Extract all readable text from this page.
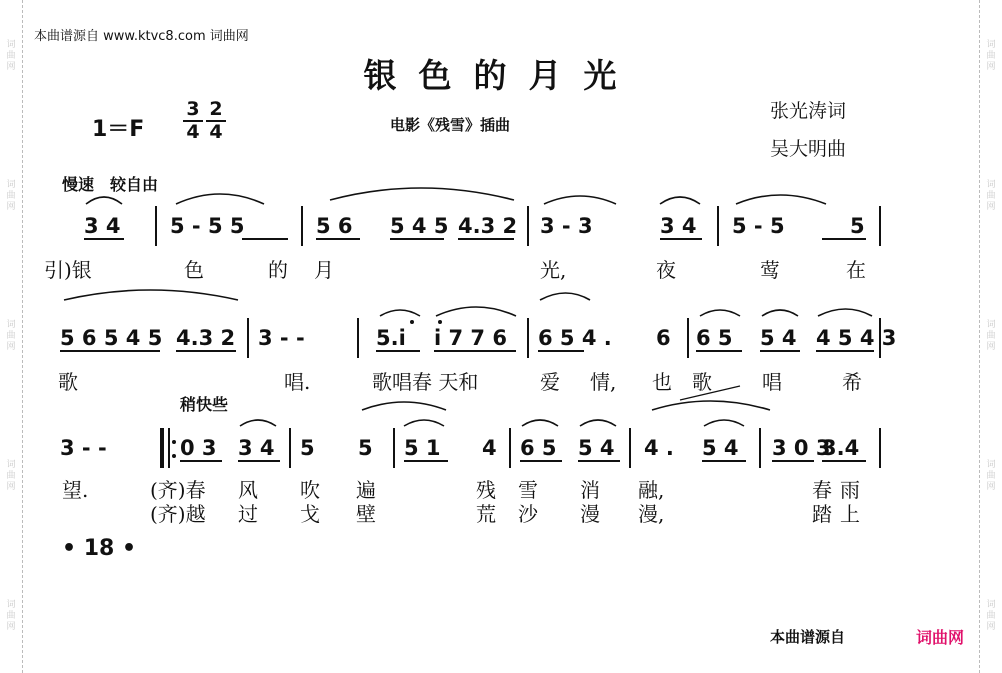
词
曲
网
词
曲
网
词
曲
网
词
曲
网
词
曲
网
词
曲
网
词
曲
网
词
曲
网
词
曲
网
词
曲
网
本曲谱源自 www.ktvc8.com 词曲网
银色的月光
1＝F
3
4
2
4	电影《残雪》插曲
张光涛词
吴大明曲
慢速　较自由
稍快些
3 4 5 - 5 5	5 6 5 4 5 4.3 2 3 - 3	3 4 5 - 5	5
引)银	色	的 月	光,	夜	莺	在
5 6 5 4 5 4.3 2 3 - -	5.i i 7 7 6 6 5 4 . 6 6 5 5 4 4 5 4 3
歌	唱.	歌唱春 天和	爱 情, 也 歌	唱	希
3 - -	0 3 3 4 5 5 5 1 4 6 5 5 4 4 . 5 4 3 0 3
3.4
望.	(齐)春 风 吹 遍	残 雪 消 融,	春 雨
(齐)越 过 戈 壁	荒 沙 漫 漫,	踏 上
• 18 •
本曲谱源自	词曲网
